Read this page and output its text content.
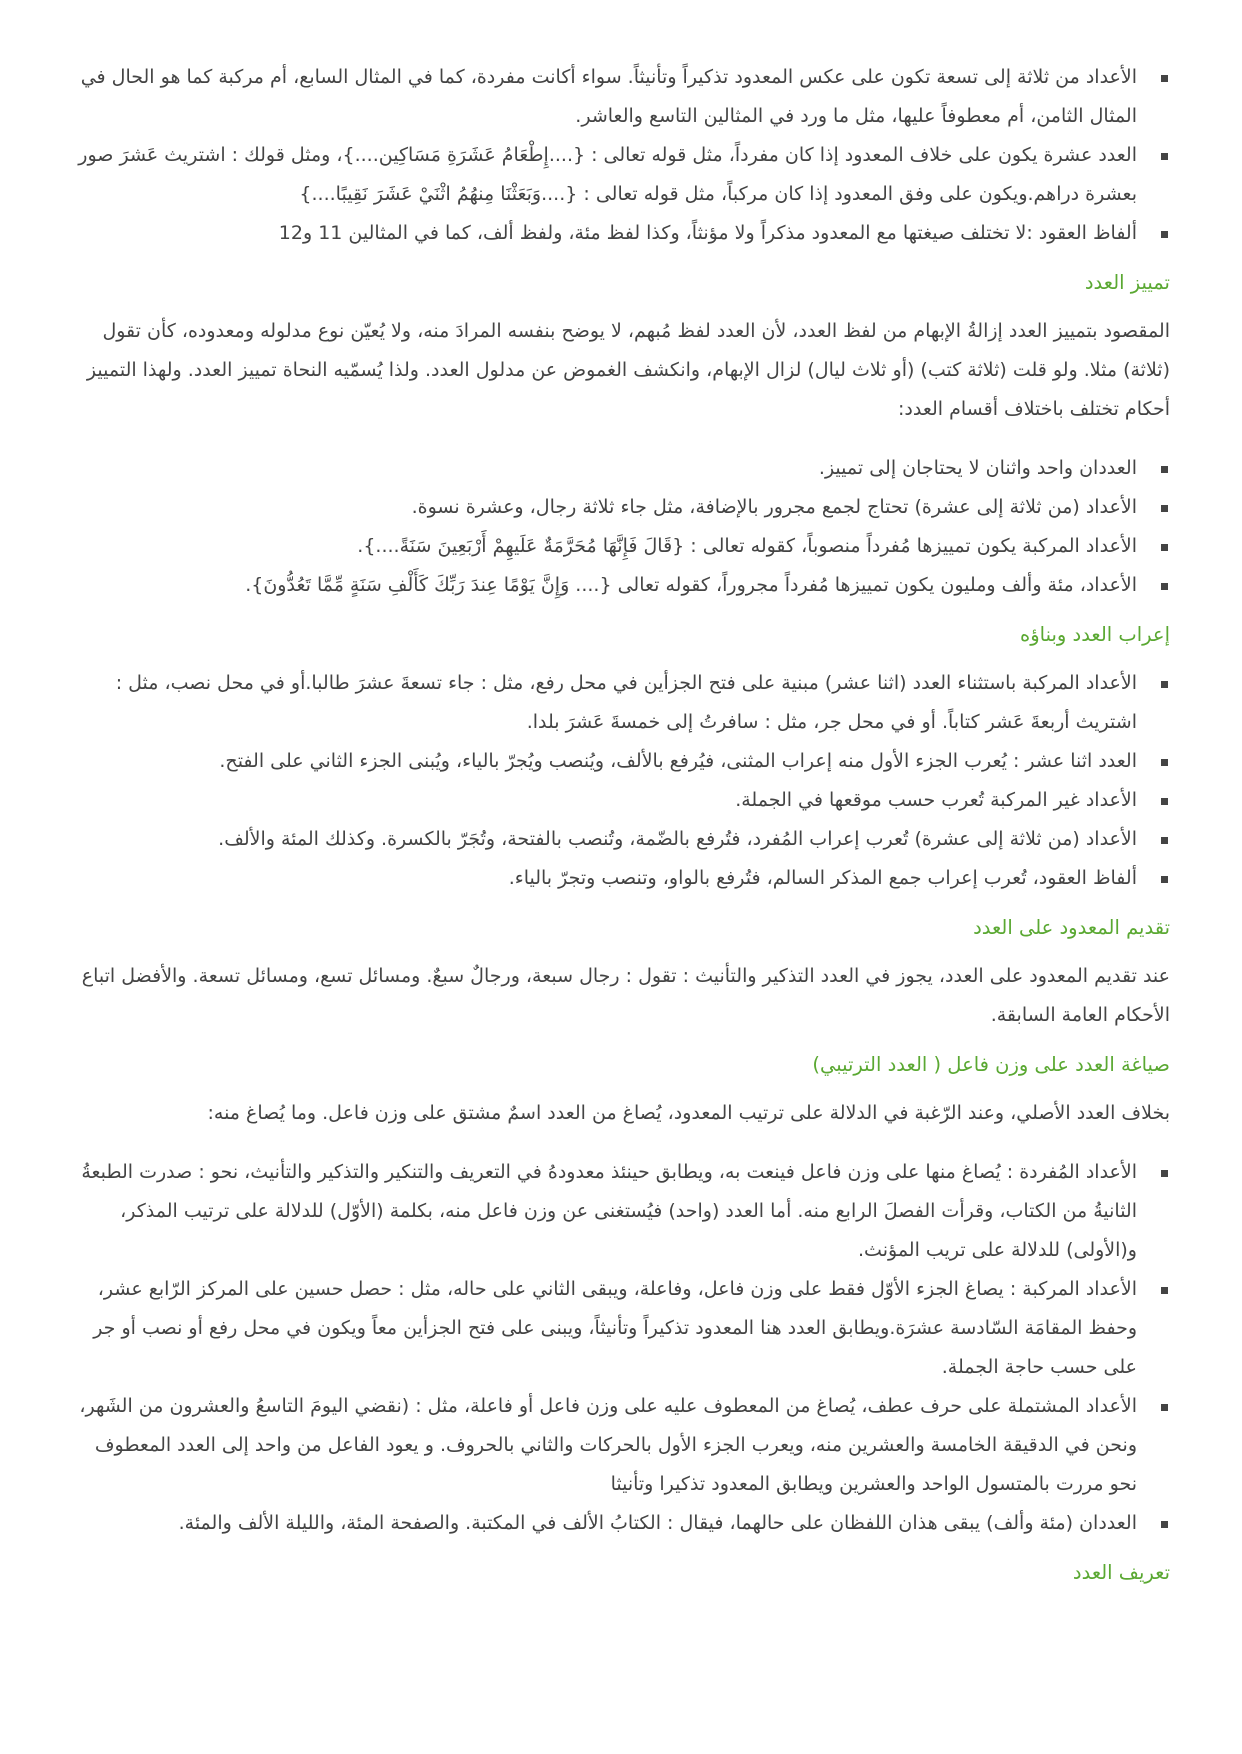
الأعداد من ثلاثة إلى تسعة تكون على عكس المعدود تذكيراً وتأنيثاً. سواء أكانت مفردة، كما في المثال السابع، أم مركبة كما هو الحال في المثال الثامن، أم معطوفاً عليها، مثل ما ورد في المثالين التاسع والعاشر.
العدد عشرة يكون على خلاف المعدود إذا كان مفرداً، مثل قوله تعالى : {....إِطْعَامُ عَشَرَةِ مَسَاكِين....}، ومثل قولك : اشتريث عَشرَ صور بعشرة دراهم.ويكون على وفق المعدود إذا كان مركباً، مثل قوله تعالى : {....وَبَعَثْنَا مِنهُمُ اثْنَيْ عَشَرَ نَقِيبًا....}
ألفاظ العقود :لا تختلف صيغتها مع المعدود مذكراً ولا مؤنثاً، وكذا لفظ مئة، ولفظ ألف، كما في المثالين 11 و12
تمييز العدد

المقصود بتمييز العدد إزالةُ الإبهام من لفظ العدد، لأن العدد لفظ مُبهم، لا يوضح بنفسه المرادَ منه، ولا يُعيّن نوع مدلوله ومعدوده، كأن تقول (ثلاثة) مثلا. ولو قلت (ثلاثة كتب) (أو ثلاث ليال) لزال الإبهام، وانكشف الغموض عن مدلول العدد. ولذا يُسمّيه النحاة تمييز العدد. ولهذا التمييز أحكام تختلف باختلاف أقسام العدد:

العددان واحد واثنان لا يحتاجان إلى تمييز.
الأعداد (من ثلاثة إلى عشرة) تحتاج لجمع مجرور بالإضافة، مثل جاء ثلاثة رجال، وعشرة نسوة.
الأعداد المركبة يكون تمييزها مُفرداً منصوباً، كقوله تعالى : {قَالَ فَإِنَّهَا مُحَرَّمَةٌ عَلَيهِمْ أَرْبَعِينَ سَنَةً....}.
الأعداد، مئة وألف ومليون يكون تمييزها مُفرداً مجروراً، كقوله تعالى {.... وَإِنَّ يَوْمًا عِندَ رَبِّكَ كَأَلْفِ سَنَةٍ مِّمَّا تَعُدُّونَ}.
إعراب العدد وبناؤه
الأعداد المركبة باستثناء العدد (اثنا عشر) مبنية على فتح الجزأين في محل رفع، مثل : جاء تسعةَ عشرَ طالبا.أو في محل نصب، مثل : اشتريث أربعةَ عَشر كتاباً. أو في محل جر، مثل : سافرتُ إلى خمسةَ عَشرَ بلدا.
العدد اثنا عشر : يُعرب الجزء الأول منه إعراب المثنى، فيُرفع بالألف، ويُنصب ويُجرّ بالياء، ويُبنى الجزء الثاني على الفتح.
الأعداد غير المركبة تُعرب حسب موقعها في الجملة.
الأعداد (من ثلاثة إلى عشرة) تُعرب إعراب المُفرد، فتُرفع بالضّمة، وتُنصب بالفتحة، وتُجَرّ بالكسرة. وكذلك المئة والألف.
ألفاظ العقود، تُعرب إعراب جمع المذكر السالم، فتُرفع بالواو، وتنصب وتجرّ بالياء.
تقديم المعدود على العدد

عند تقديم المعدود على العدد، يجوز في العدد التذكير والتأنيث : تقول : رجال سبعة، ورجالٌ سبعٌ. ومسائل تسع، ومسائل تسعة. والأفضل اتباع الأحكام العامة السابقة.

صياغة العدد على وزن فاعل ( العدد الترتيبي)

بخلاف العدد الأصلي، وعند الرّغبة في الدلالة على ترتيب المعدود، يُصاغ من العدد اسمٌ مشتق على وزن فاعل. وما يُصاغ منه:

الأعداد المُفردة : يُصاغ منها على وزن فاعل فينعت به، ويطابق حينئذ معدودهُ في التعريف والتنكير والتذكير والتأنيث، نحو : صدرت الطبعةُ الثانيةُ من الكتاب، وقرأت الفصلَ الرابع منه. أما العدد (واحد) فيُستغنى عن وزن فاعل منه، بكلمة (الأوّل) للدلالة على ترتيب المذكر، و(الأولى) للدلالة على تريب المؤنث.
الأعداد المركبة : يصاغ الجزء الأوّل فقط على وزن فاعل، وفاعلة، ويبقى الثاني على حاله، مثل : حصل حسين على المركز الرّابع عشر، وحفظ المقامَة السّادسة عشرَة.ويطابق العدد هنا المعدود تذكيراً وتأنيثاً، ويبنى على فتح الجزأين معاً ويكون في محل رفع أو نصب أو جر على حسب حاجة الجملة.
الأعداد المشتملة على حرف عطف، يُصاغ من المعطوف عليه على وزن فاعل أو فاعلة، مثل : (نقضي اليومَ التاسعُ والعشرون من الشَهر، ونحن في الدقيقة الخامسة والعشرين منه، ويعرب الجزء الأول بالحركات والثاني بالحروف. و يعود الفاعل من واحد إلى العدد المعطوف نحو مررت بالمتسول الواحد والعشرين ويطابق المعدود تذكيرا وتأنيثا
العددان (مئة وألف) يبقى هذان اللفظان على حالهما، فيقال : الكتابُ الألف في المكتبة. والصفحة المئة، والليلة الألف والمئة.
تعريف العدد
